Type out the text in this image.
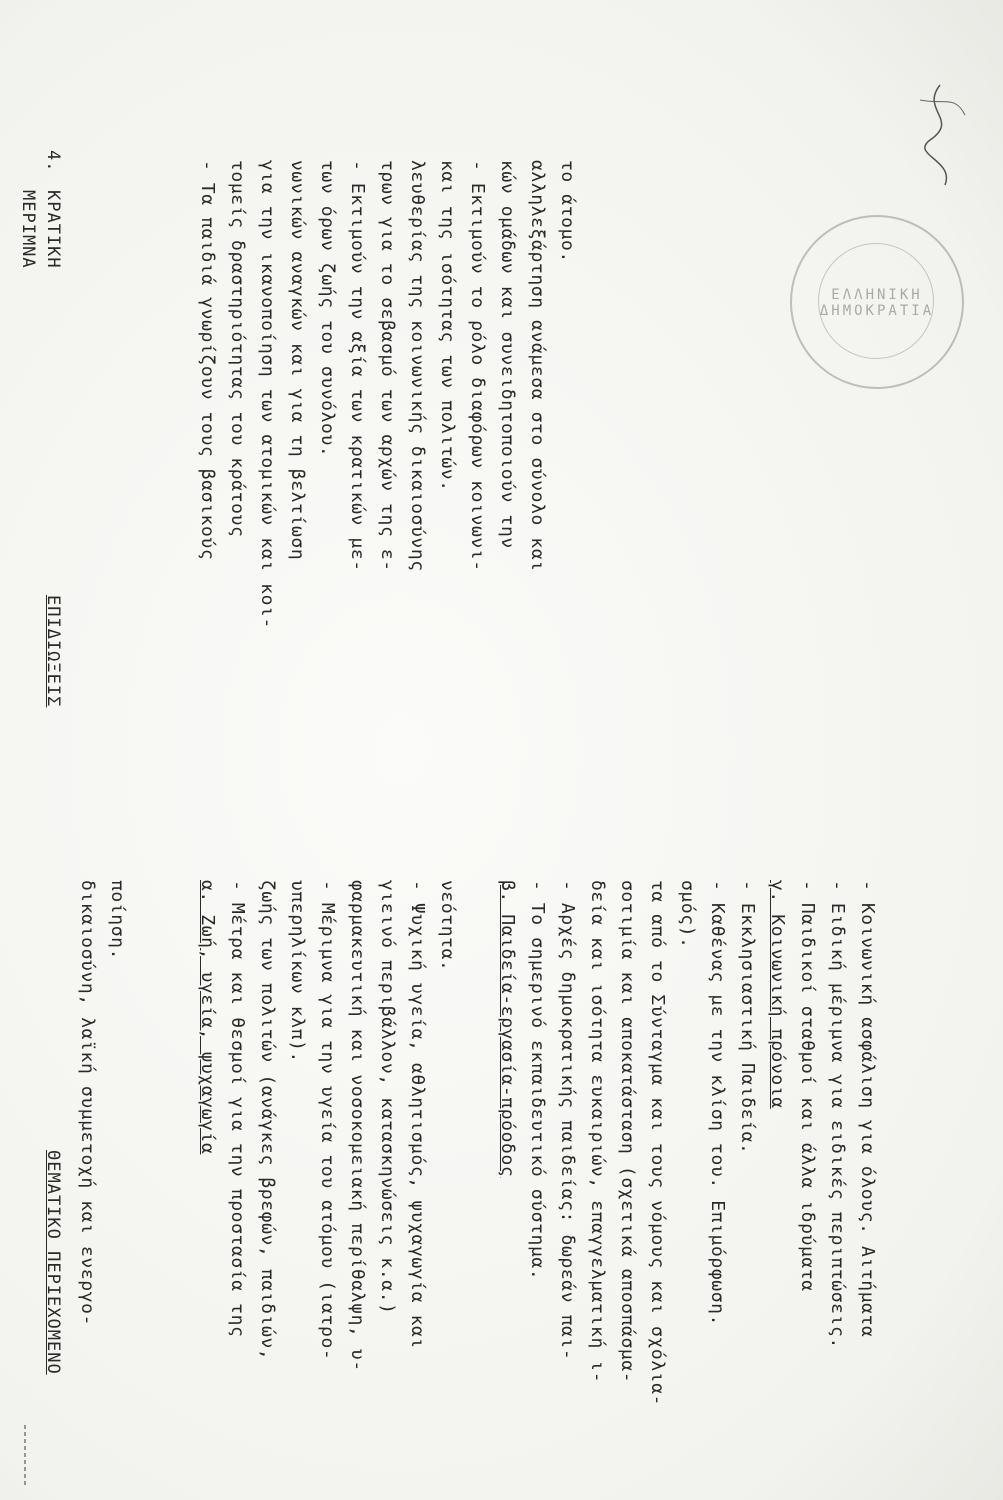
4.
ΚΡΑΤΙΚΗ
ΜΕΡΙΜΝΑ
ΕΠΙΔΙΩΞΕΙΣ
ΘΕΜΑΤΙΚΟ ΠΕΡΙΕΧΟΜΕΝΟ
- Τα παιδιά γνωρίζουν τους βασικούς τομείς δραστηριότητας του κράτους για την ικανοποίηση των ατομικών και κοι- νωνικών αναγκών και για τη βελτίωση των όρων ζωής του συνόλου. - Εκτιμούν την αξία των κρατικών με- τρων για το σεβασμό των αρχών της ε- λευθερίας της κοινωνικής δικαιοσύνης και της ισότητας των πολιτών. - Εκτιμούν το ρόλο διαφόρων κοινωνι- κών ομάδων και συνειδητοποιούν την αλληλεξάρτηση ανάμεσα στο σύνολο και το άτομο.
δικαιοσύνη, λαϊκή συμμετοχή και ενεργο- ποίηση.	α. Ζωή, υγεία, ψυχαγωγία - Μέτρα και θεσμοί για την προστασία της ζωής των πολιτών (ανάγκες βρεφών, παιδιών, υπερηλίκων κλπ). - Μέριμνα για την υγεία του ατόμου (ιατρο- φαρμακευτική και νοσοκομειακή περίθαλψη, υ- γιεινό περιβάλλον, κατασκηνώσεις κ.α.) - Ψυχική υγεία, αθλητισμός, ψυχαγωγία και νεότητα. β. Παιδεία-εργασία-πρόοδος - Το σημερινό εκπαιδευτικό σύστημα. - Αρχές δημοκρατικής παιδείας: δωρεάν παι- δεία και ισότητα ευκαιριών, επαγγελματική ι- σοτιμία και αποκατάσταση (σχετικά αποσπάσμα- τα από το Σύνταγμα και τους νόμους και σχόλια- σμός). - Καθένας με την κλίση του. Επιμόρφωση. - Εκκλησιαστική Παιδεία. γ. Κοινωνική πρόνοια - Παιδικοί σταθμοί και άλλα ιδρύματα - Ειδική μέριμνα για ειδικές περιπτώσεις. - Κοινωνική ασφάλιση για όλους. Αιτήματα
ΕΛΛΗΝΙΚΗ ΔΗΜΟΚΡΑΤΙΑ
